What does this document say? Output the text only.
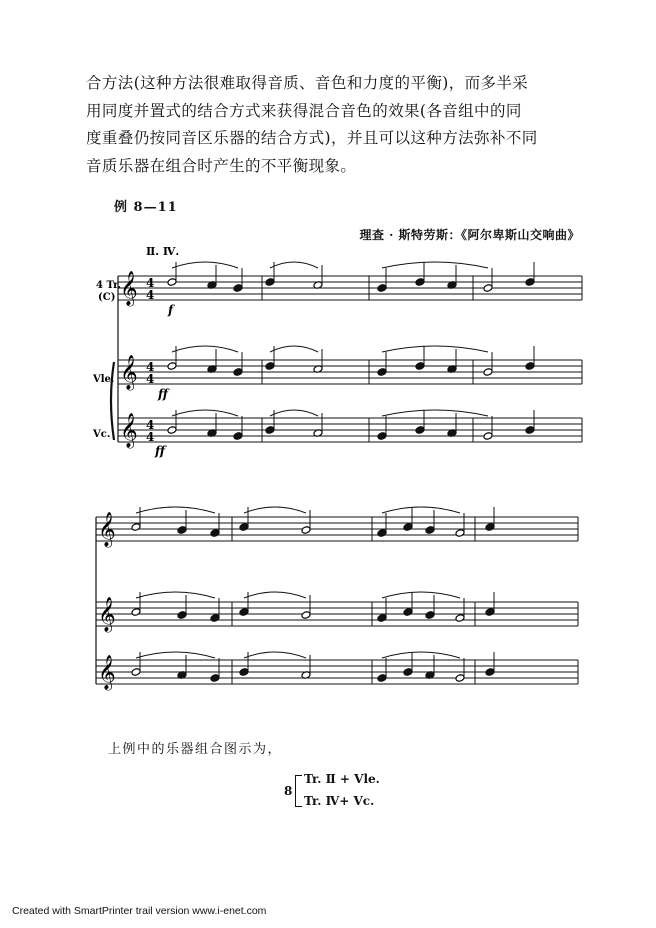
合方法(这种方法很难取得音质、音色和力度的平衡)，而多半采
用同度并置式的结合方式来获得混合音色的效果(各音组中的同
度重叠仍按同音区乐器的结合方式)，并且可以这种方法弥补不同
音质乐器在组合时产生的不平衡现象。
例 8—11
理查 · 斯特劳斯：《阿尔卑斯山交响曲》
Ⅱ. Ⅳ.
4 Tr.
(C)
Vle.
Vc.
𝄞
𝄞
𝄞
4
4
4
4
4
4
𝄞
𝄞
𝄞
f
ff
ff
上例中的乐器组合图示为，
8
Tr. Ⅱ + Vle.
Tr. Ⅳ+ Vc.
Created with SmartPrinter trail version www.i-enet.com
